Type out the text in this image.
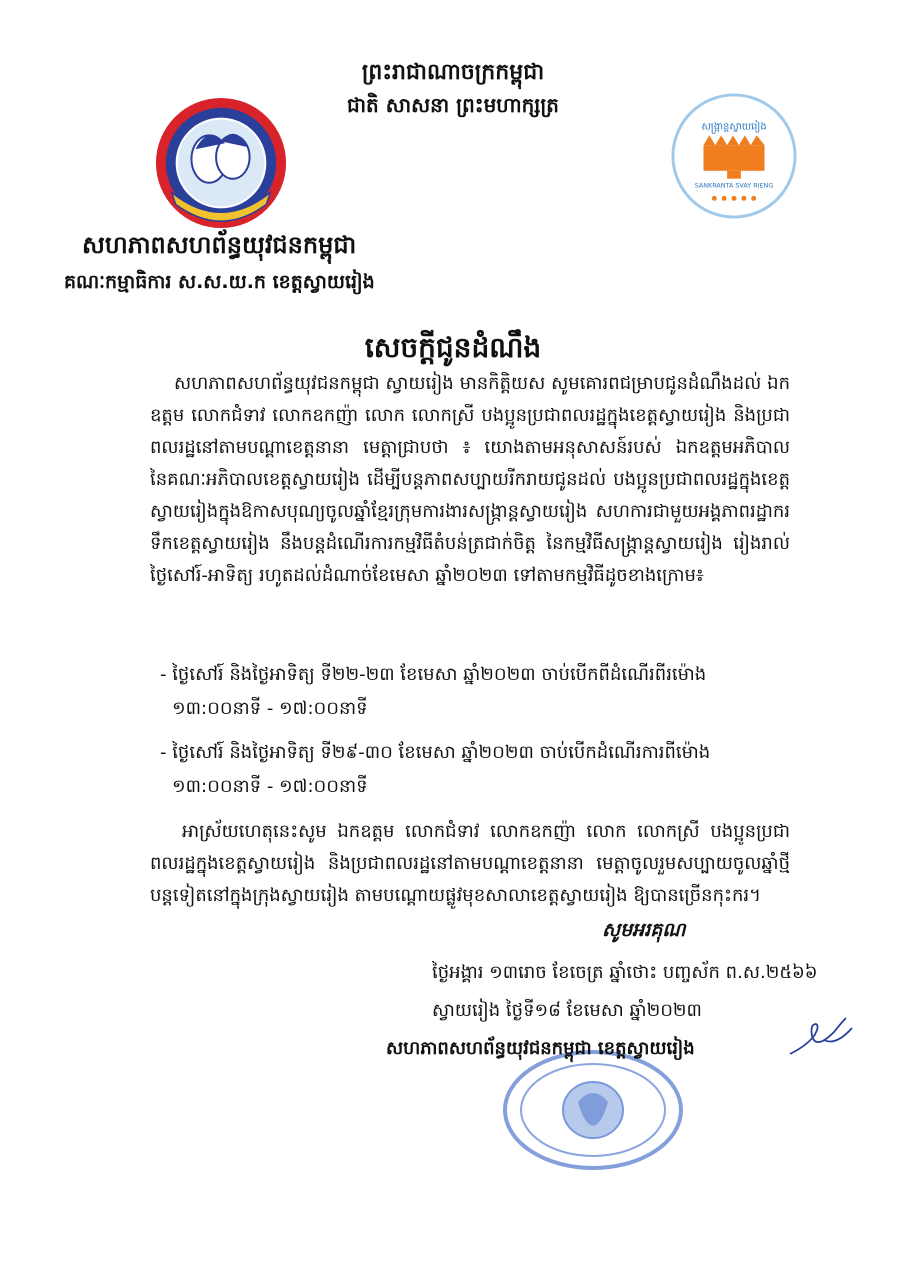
ព្រះរាជាណាចក្រកម្ពុជា
ជាតិ សាសនា ព្រះមហាក្សត្រ
សង្ក្រាន្តស្វាយរៀង
SANKRANTA SVAY RIENG
សហភាពសហព័ន្ធយុវជនកម្ពុជា
គណៈកម្មាធិការ ស.ស.យ.ក ខេត្តស្វាយរៀង
សេចក្ដីជូនដំណឹង
សហភាពសហព័ន្ធយុវជនកម្ពុជា ស្វាយរៀង មានកិត្តិយស សូមគោរពជម្រាបជូនដំណឹងដល់ ឯកឧត្តម លោកជំទាវ លោកឧកញ៉ា លោក លោកស្រី បងប្អូនប្រជាពលរដ្ឋក្នុងខេត្តស្វាយរៀង និងប្រជាពលរដ្ឋនៅតាមបណ្ដាខេត្តនានា មេត្តាជ្រាបថា ៖ យោងតាមអនុសាសន៍របស់ ឯកឧត្តមអភិបាលនៃគណៈអភិបាលខេត្តស្វាយរៀង ដើម្បីបន្តភាពសប្បាយរីករាយជូនដល់ បងប្អូនប្រជាពលរដ្ឋក្នុងខេត្តស្វាយរៀងក្នុងឱកាសបុណ្យចូលឆ្នាំខ្មែរក្រុមការងារសង្ក្រាន្តស្វាយរៀង សហការជាមួយអង្គភាពរដ្ឋាករទឹកខេត្តស្វាយរៀង នឹងបន្តដំណើរការកម្មវិធីតំបន់ត្រជាក់ចិត្ត នៃកម្មវិធីសង្ក្រាន្តស្វាយរៀង រៀងរាល់ថ្ងៃសៅរ៍-អាទិត្យ រហូតដល់ដំណាច់ខែមេសា ឆ្នាំ២០២៣ ទៅតាមកម្មវិធីដូចខាងក្រោម៖
- ថ្ងៃសៅរ៍ និងថ្ងៃអាទិត្យ ទី២២-២៣ ខែមេសា ឆ្នាំ២០២៣ ចាប់បើកពីដំណើរពីរម៉ោង
១៣:០០នាទី - ១៧:០០នាទី
- ថ្ងៃសៅរ៍ និងថ្ងៃអាទិត្យ ទី២៩-៣០ ខែមេសា ឆ្នាំ២០២៣ ចាប់បើកដំណើរការពីម៉ោង
១៣:០០នាទី - ១៧:០០នាទី
អាស្រ័យហេតុនេះសូម ឯកឧត្តម លោកជំទាវ លោកឧកញ៉ា លោក លោកស្រី បងប្អូនប្រជាពលរដ្ឋក្នុងខេត្តស្វាយរៀង និងប្រជាពលរដ្ឋនៅតាមបណ្ដាខេត្តនានា មេត្តាចូលរួមសប្បាយចូលឆ្នាំថ្មីបន្តទៀតនៅក្នុងក្រុងស្វាយរៀង តាមបណ្ដោយផ្លូវមុខសាលាខេត្តស្វាយរៀង ឱ្យបានច្រើនកុះករ។
សូមអរគុណ
ថ្ងៃអង្គារ ១៣រោច ខែចេត្រ ឆ្នាំថោះ បញ្ចស័ក ព.ស.២៥៦៦
ស្វាយរៀង ថ្ងៃទី១៨ ខែមេសា ឆ្នាំ២០២៣
សហភាពសហព័ន្ធយុវជនកម្ពុជា ខេត្តស្វាយរៀង
